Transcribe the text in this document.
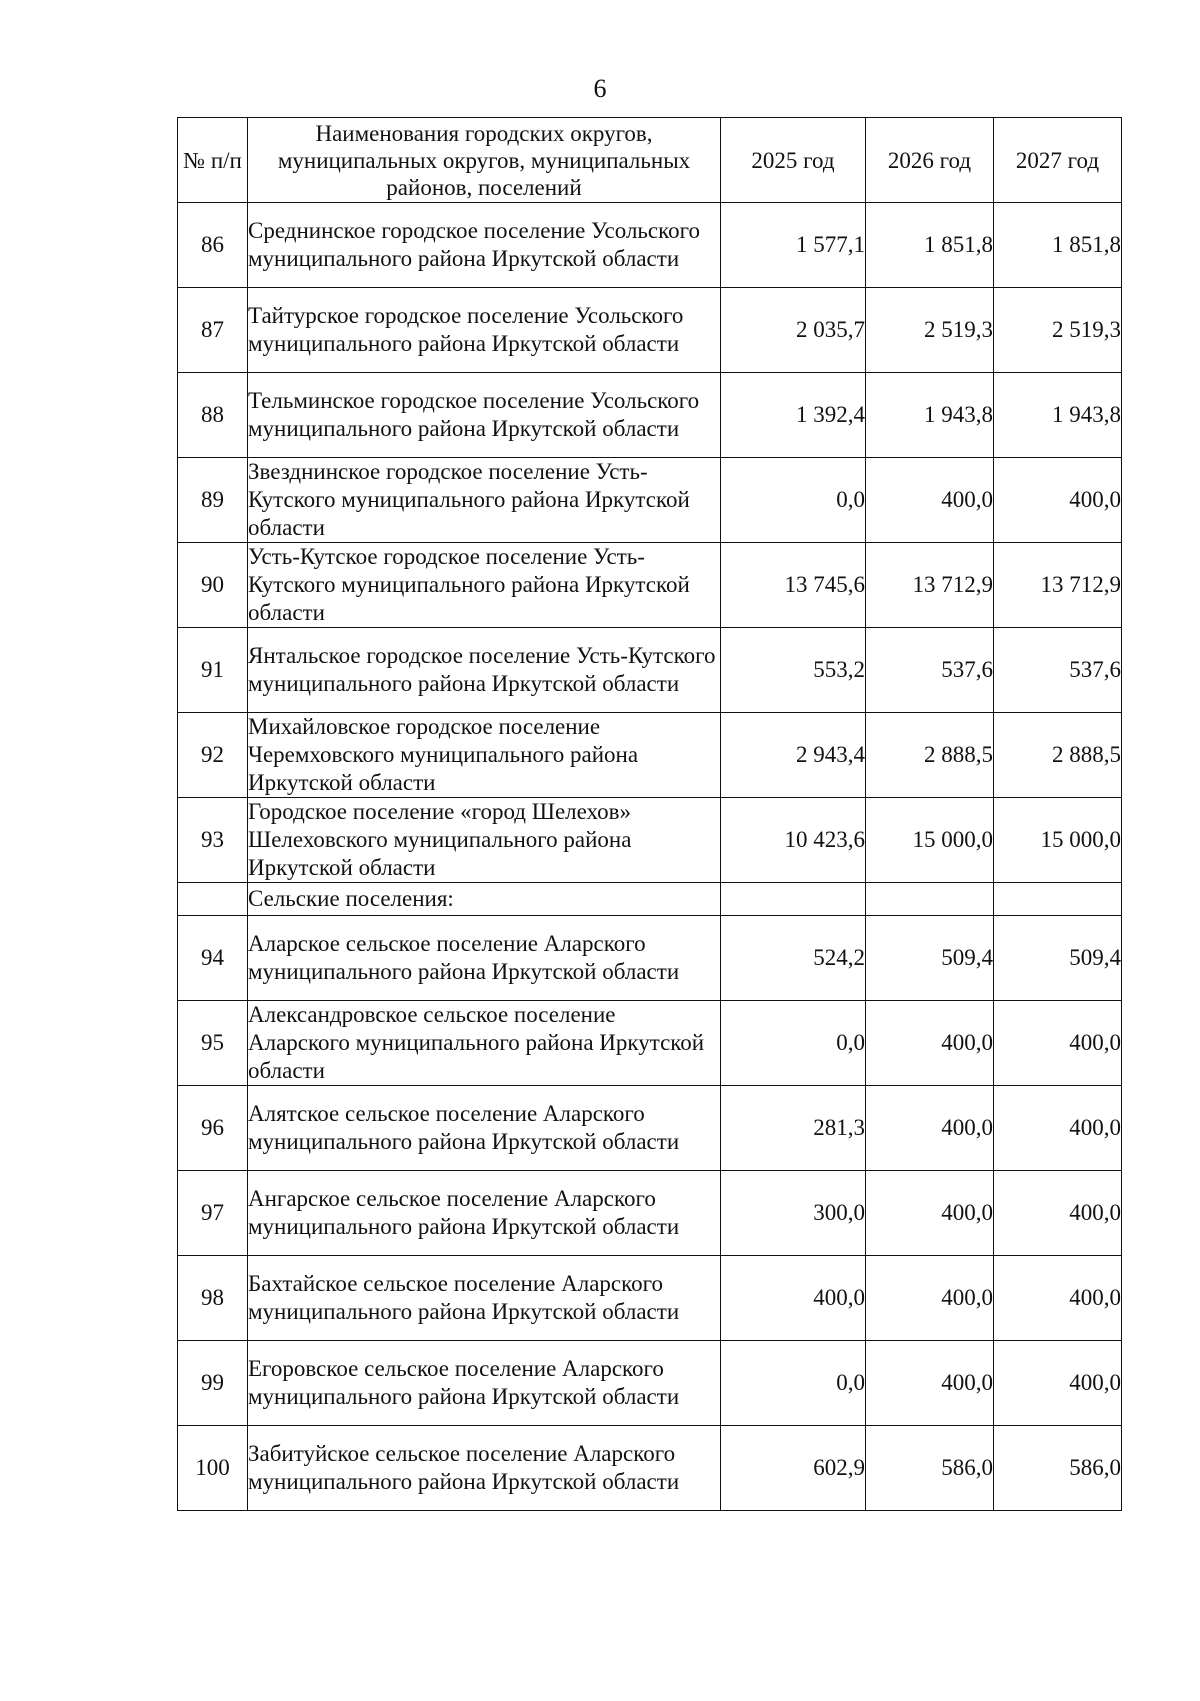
6
№ п/п	Наименования городских округов, муниципальных округов, муниципальных районов, поселений	2025 год	2026 год	2027 год
86	Среднинское городское поселение Усольского муниципального района Иркутской области	1 577,1	1 851,8	1 851,8
87	Тайтурское городское поселение Усольского муниципального района Иркутской области	2 035,7	2 519,3	2 519,3
88	Тельминское городское поселение Усольского муниципального района Иркутской области	1 392,4	1 943,8	1 943,8
89	Звезднинское городское поселение Усть-Кутского муниципального района Иркутской области	0,0	400,0	400,0
90	Усть-Кутское городское поселение Усть-Кутского муниципального района Иркутской области	13 745,6	13 712,9	13 712,9
91	Янтальское городское поселение Усть-Кутского муниципального района Иркутской области	553,2	537,6	537,6
92	Михайловское городское поселение Черемховского муниципального района Иркутской области	2 943,4	2 888,5	2 888,5
93	Городское поселение «город Шелехов» Шелеховского муниципального района Иркутской области	10 423,6	15 000,0	15 000,0
	Сельские поселения:			
94	Аларское сельское поселение Аларского муниципального района Иркутской области	524,2	509,4	509,4
95	Александровское сельское поселение Аларского муниципального района Иркутской области	0,0	400,0	400,0
96	Алятское сельское поселение Аларского муниципального района Иркутской области	281,3	400,0	400,0
97	Ангарское сельское поселение Аларского муниципального района Иркутской области	300,0	400,0	400,0
98	Бахтайское сельское поселение Аларского муниципального района Иркутской области	400,0	400,0	400,0
99	Егоровское сельское поселение Аларского муниципального района Иркутской области	0,0	400,0	400,0
100	Забитуйское сельское поселение Аларского муниципального района Иркутской области	602,9	586,0	586,0
